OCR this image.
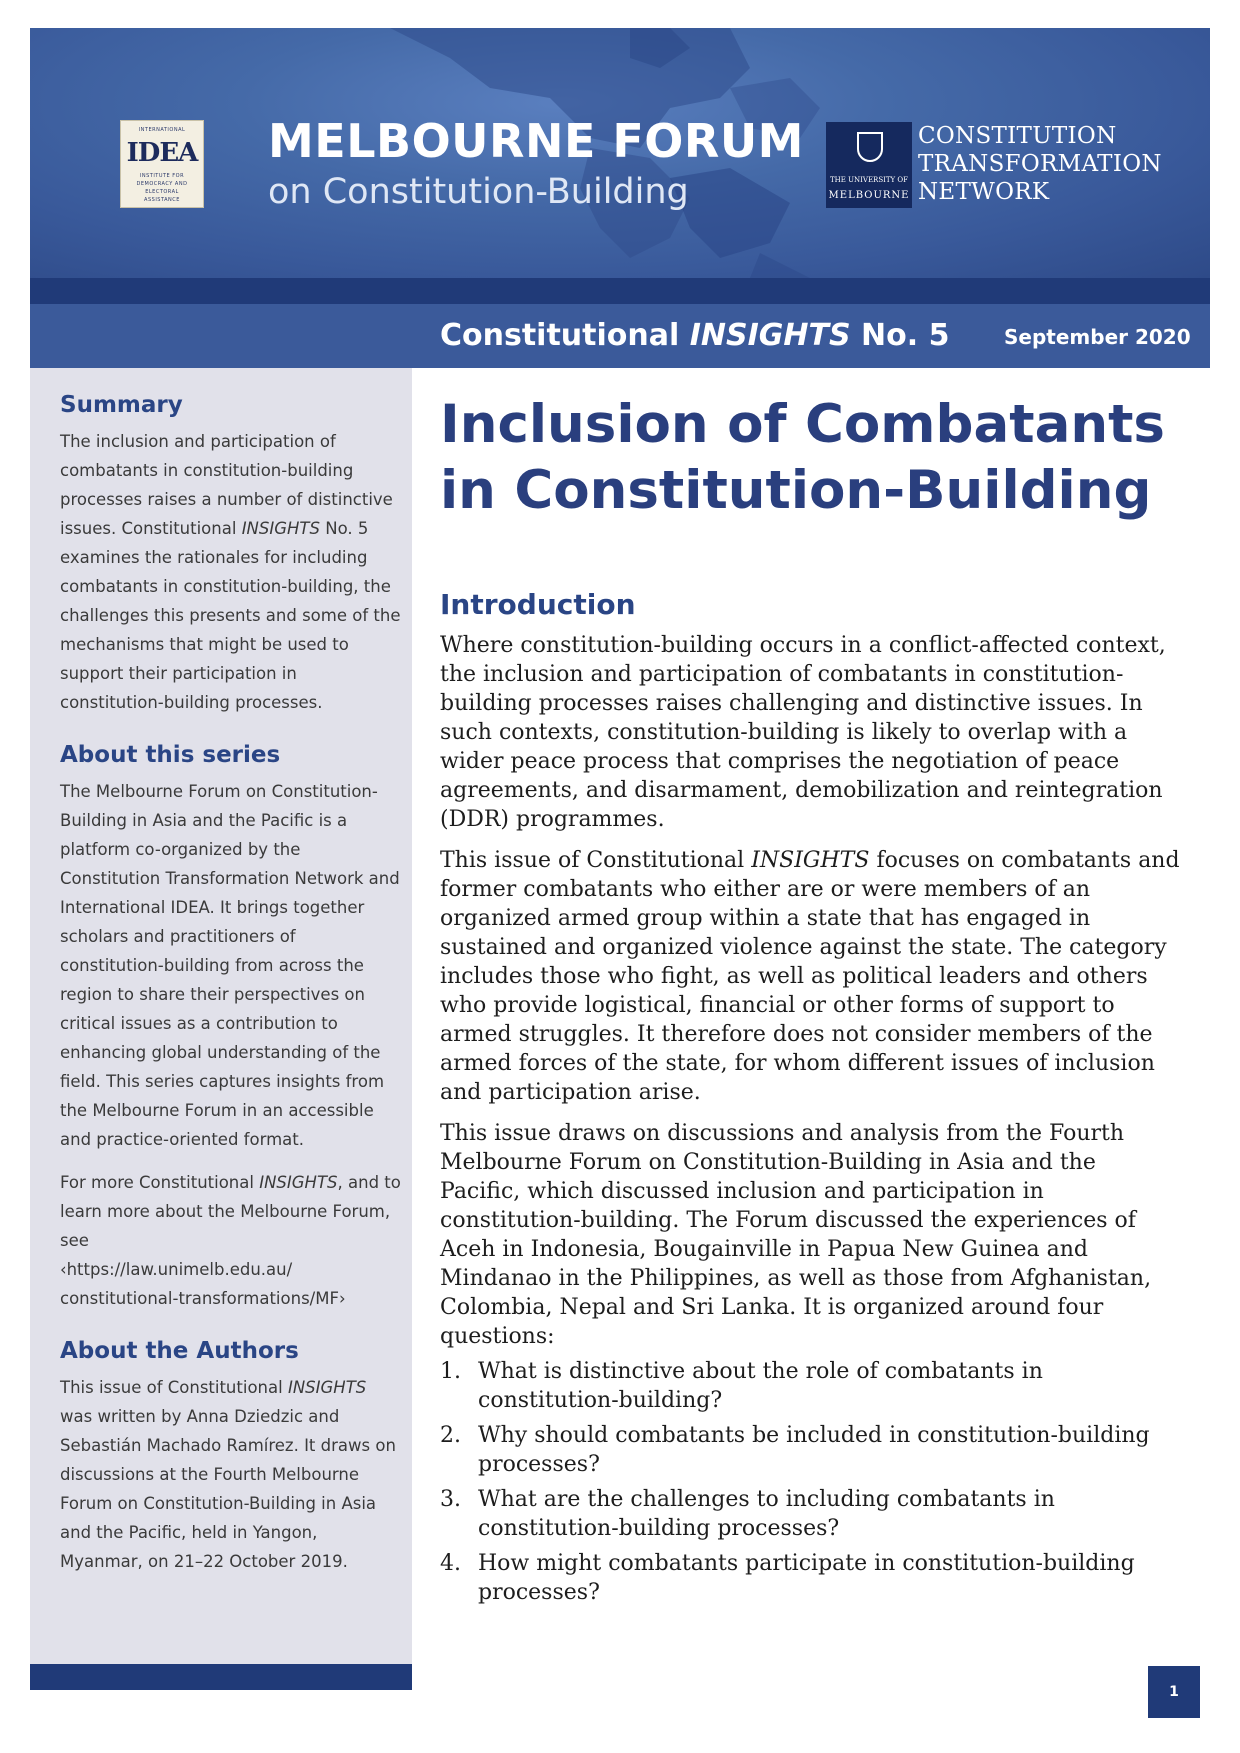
INTERNATIONAL
IDEA
INSTITUTE FOR
DEMOCRACY AND
ELECTORAL
ASSISTANCE
MELBOURNE FORUM
on Constitution-Building	THE UNIVERSITY OF
MELBOURNE
CONSTITUTION
TRANSFORMATION
NETWORK
Constitutional INSIGHTS No. 5	September 2020
Summary

The inclusion and participation of combatants in constitution-building processes raises a number of distinctive issues. Constitutional INSIGHTS No. 5 examines the rationales for including combatants in constitution-building, the challenges this presents and some of the mechanisms that might be used to support their participation in constitution-building processes.

About this series

The Melbourne Forum on Constitution-Building in Asia and the Pacific is a platform co-organized by the Constitution Transformation Network and International IDEA. It brings together scholars and practitioners of constitution-building from across the region to share their perspectives on critical issues as a contribution to enhancing global understanding of the field. This series captures insights from the Melbourne Forum in an accessible and practice-oriented format.

For more Constitutional INSIGHTS, and to learn more about the Melbourne Forum, see
‹https://law.unimelb.edu.au/
constitutional-transformations/MF›

About the Authors

This issue of Constitutional INSIGHTS was written by Anna Dziedzic and Sebastián Machado Ramírez. It draws on discussions at the Fourth Melbourne Forum on Constitution-Building in Asia and the Pacific, held in Yangon, Myanmar, on 21–22 October 2019.

Inclusion of Combatants in Constitution-Building
Introduction

Where constitution-building occurs in a conflict-affected context, the inclusion and participation of combatants in constitution-building processes raises challenging and distinctive issues. In such contexts, constitution-building is likely to overlap with a wider peace process that comprises the negotiation of peace agreements, and disarmament, demobilization and reintegration (DDR) programmes.

This issue of Constitutional INSIGHTS focuses on combatants and former combatants who either are or were members of an organized armed group within a state that has engaged in sustained and organized violence against the state. The category includes those who fight, as well as political leaders and others who provide logistical, financial or other forms of support to armed struggles. It therefore does not consider members of the armed forces of the state, for whom different issues of inclusion and participation arise.

This issue draws on discussions and analysis from the Fourth Melbourne Forum on Constitution-Building in Asia and the Pacific, which discussed inclusion and participation in constitution-building. The Forum discussed the experiences of Aceh in Indonesia, Bougainville in Papua New Guinea and Mindanao in the Philippines, as well as those from Afghanistan, Colombia, Nepal and Sri Lanka. It is organized around four questions:

1. What is distinctive about the role of combatants in constitution-building?
2. Why should combatants be included in constitution-building processes?
3. What are the challenges to including combatants in constitution-building processes?
4. How might combatants participate in constitution-building processes?
1
